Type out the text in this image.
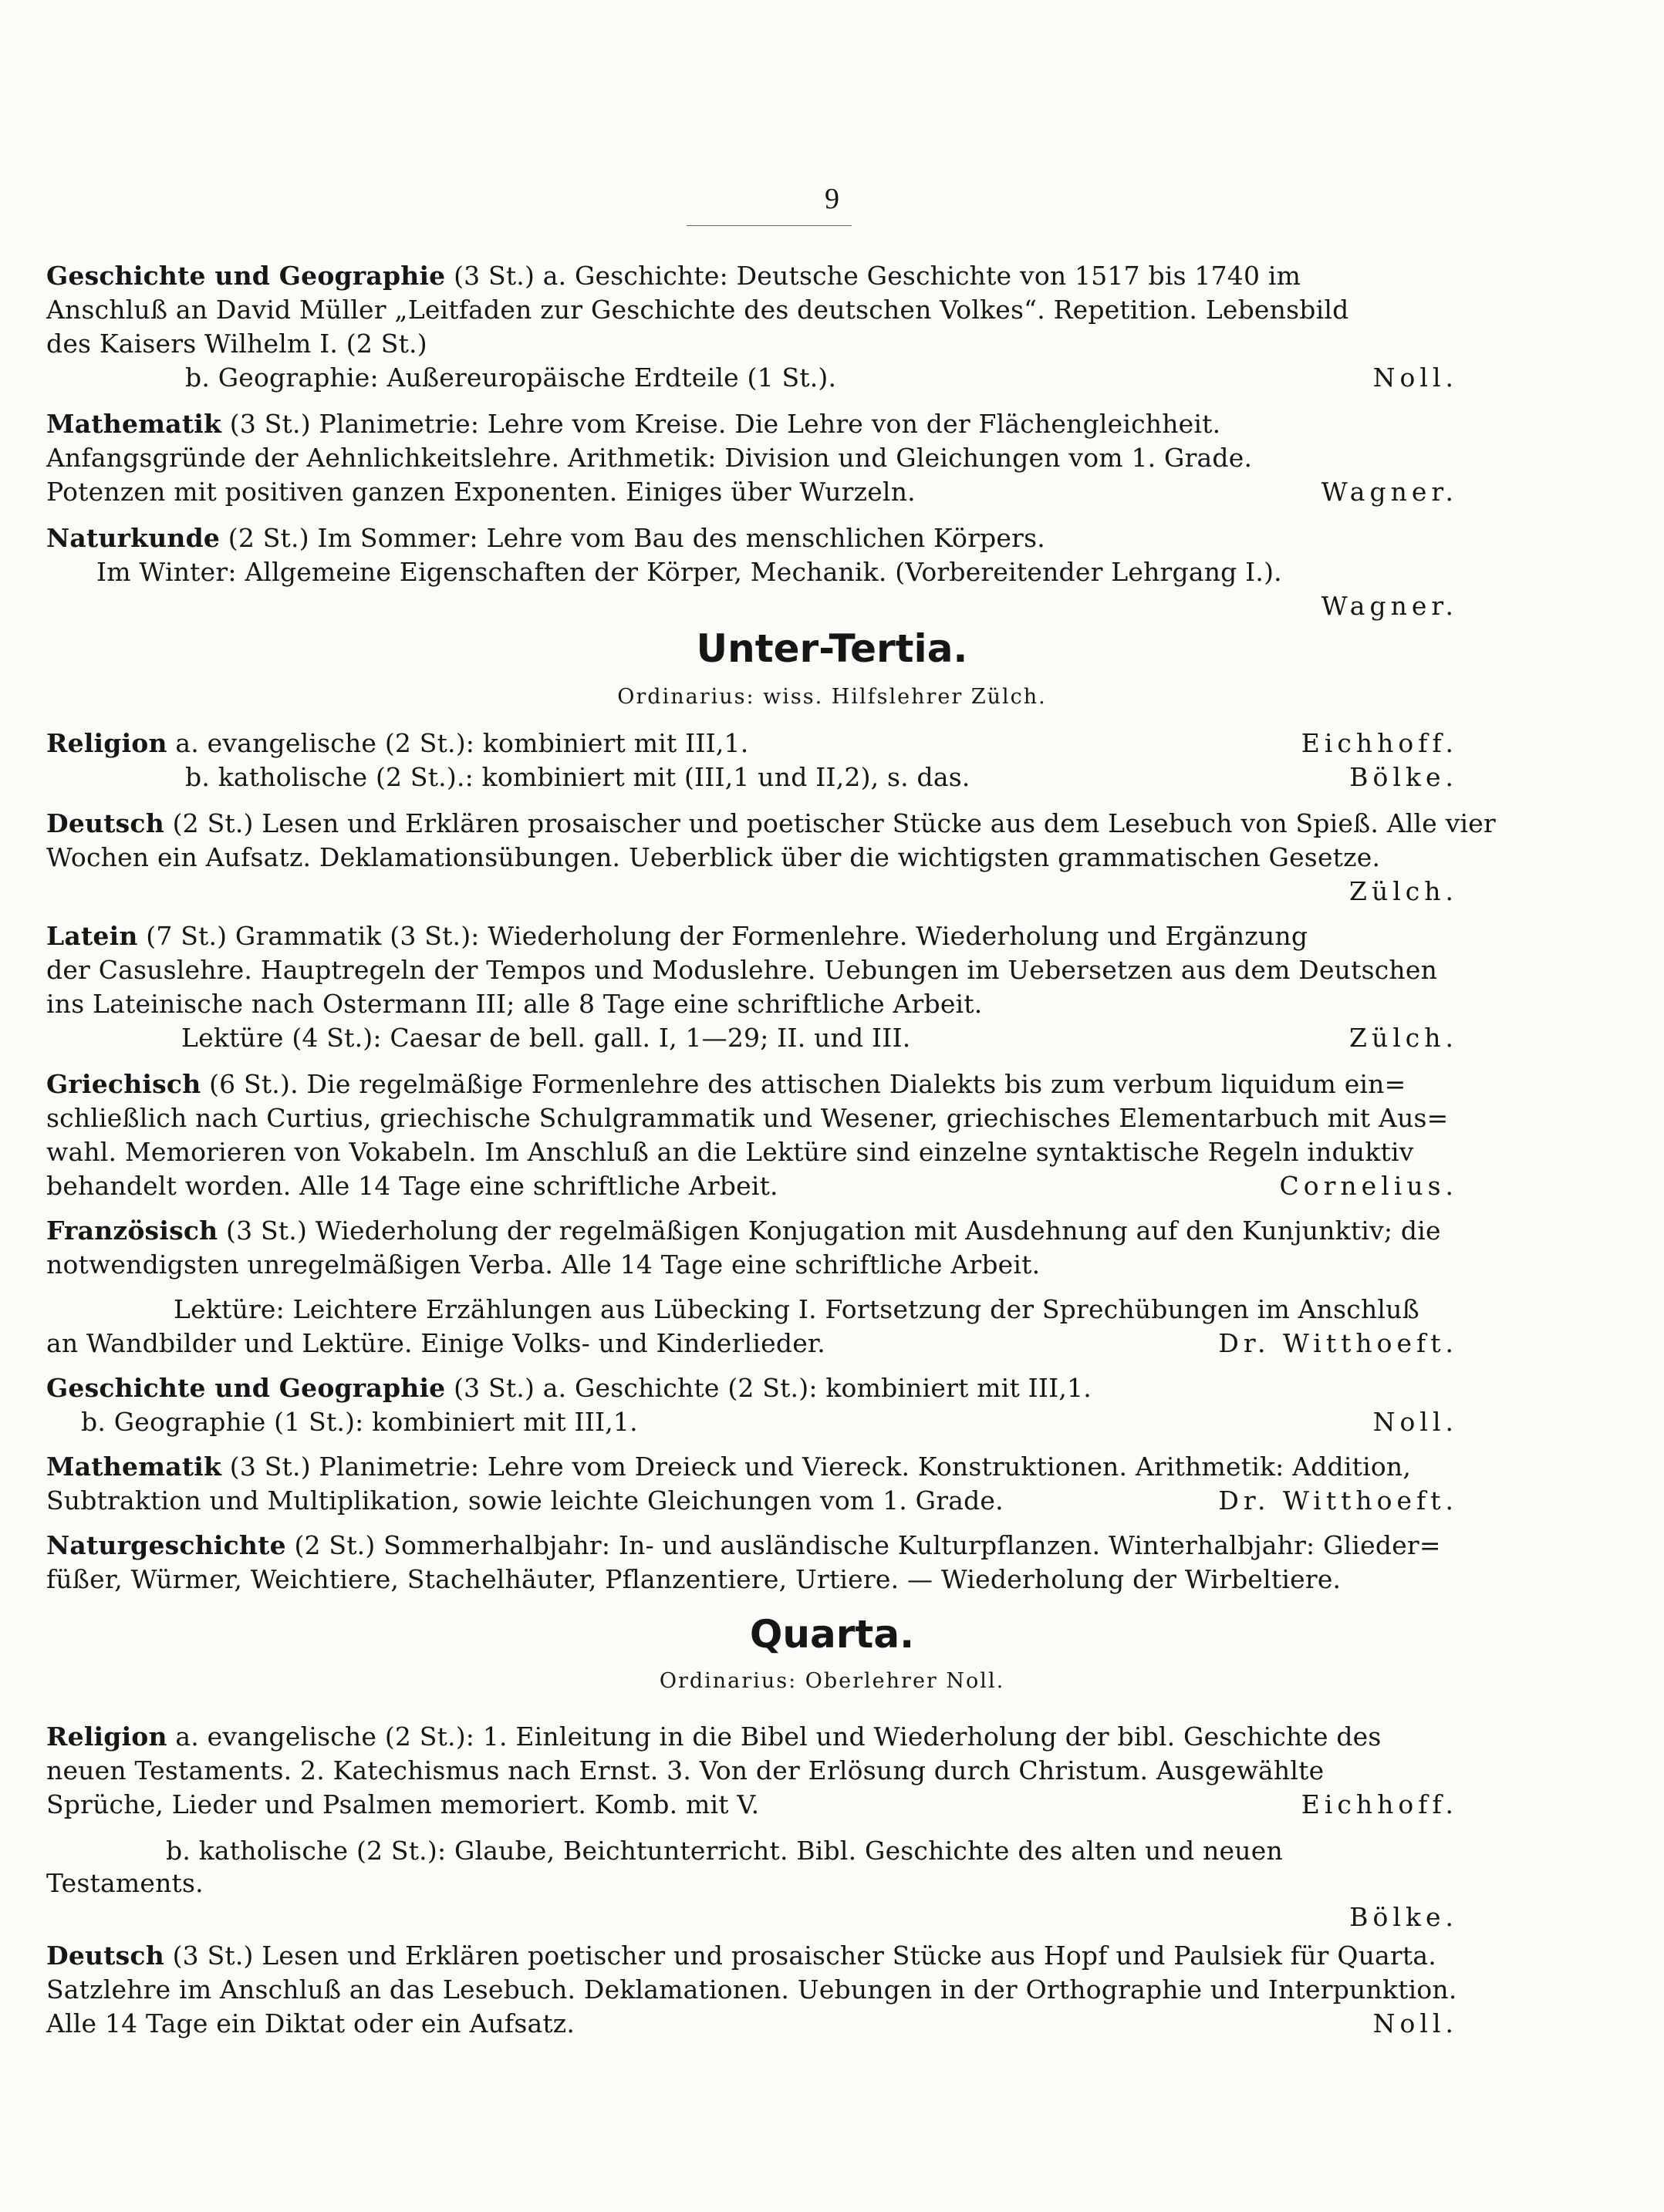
9
Geschichte und Geographie (3 St.) a. Geschichte: Deutsche Geschichte von 1517 bis 1740 im
Anschluß an David Müller „Leitfaden zur Geschichte des deutschen Volkes“. Repetition. Lebensbild
des Kaisers Wilhelm I. (2 St.)
b. Geographie: Außereuropäische Erdteile (1 St.).	Noll.
Mathematik (3 St.) Planimetrie: Lehre vom Kreise. Die Lehre von der Flächengleichheit.
Anfangsgründe der Aehnlichkeitslehre. Arithmetik: Division und Gleichungen vom 1. Grade.
Potenzen mit positiven ganzen Exponenten. Einiges über Wurzeln.	Wagner.
Naturkunde (2 St.) Im Sommer: Lehre vom Bau des menschlichen Körpers.
Im Winter: Allgemeine Eigenschaften der Körper, Mechanik. (Vorbereitender Lehrgang I.).
Wagner.
Religion a. evangelische (2 St.): kombiniert mit III,1.	Eichhoff.
b. katholische (2 St.).: kombiniert mit (III,1 und II,2), s. das.	Bölke.
Deutsch (2 St.) Lesen und Erklären prosaischer und poetischer Stücke aus dem Lesebuch von Spieß. Alle vier
Wochen ein Aufsatz. Deklamationsübungen. Ueberblick über die wichtigsten grammatischen Gesetze.
Zülch.
Latein (7 St.) Grammatik (3 St.): Wiederholung der Formenlehre. Wiederholung und Ergänzung
der Casuslehre. Hauptregeln der Tempos und Moduslehre. Uebungen im Uebersetzen aus dem Deutschen
ins Lateinische nach Ostermann III; alle 8 Tage eine schriftliche Arbeit.
Lektüre (4 St.): Caesar de bell. gall. I, 1—29; II. und III.	Zülch.
Griechisch (6 St.). Die regelmäßige Formenlehre des attischen Dialekts bis zum verbum liquidum ein=
schließlich nach Curtius, griechische Schulgrammatik und Wesener, griechisches Elementarbuch mit Aus=
wahl. Memorieren von Vokabeln. Im Anschluß an die Lektüre sind einzelne syntaktische Regeln induktiv
behandelt worden. Alle 14 Tage eine schriftliche Arbeit.	Cornelius.
Französisch (3 St.) Wiederholung der regelmäßigen Konjugation mit Ausdehnung auf den Kunjunktiv; die
notwendigsten unregelmäßigen Verba. Alle 14 Tage eine schriftliche Arbeit.
Lektüre: Leichtere Erzählungen aus Lübecking I. Fortsetzung der Sprechübungen im Anschluß
an Wandbilder und Lektüre. Einige Volks- und Kinderlieder.	Dr. Witthoeft.
Geschichte und Geographie (3 St.) a. Geschichte (2 St.): kombiniert mit III,1.
b. Geographie (1 St.): kombiniert mit III,1.	Noll.
Mathematik (3 St.) Planimetrie: Lehre vom Dreieck und Viereck. Konstruktionen. Arithmetik: Addition,
Subtraktion und Multiplikation, sowie leichte Gleichungen vom 1. Grade.	Dr. Witthoeft.
Naturgeschichte (2 St.) Sommerhalbjahr: In- und ausländische Kulturpflanzen. Winterhalbjahr: Glieder=
füßer, Würmer, Weichtiere, Stachelhäuter, Pflanzentiere, Urtiere. — Wiederholung der Wirbeltiere.
Religion a. evangelische (2 St.): 1. Einleitung in die Bibel und Wiederholung der bibl. Geschichte des
neuen Testaments. 2. Katechismus nach Ernst. 3. Von der Erlösung durch Christum. Ausgewählte
Sprüche, Lieder und Psalmen memoriert. Komb. mit V.	Eichhoff.
b. katholische (2 St.): Glaube, Beichtunterricht. Bibl. Geschichte des alten und neuen
Testaments.
Bölke.
Deutsch (3 St.) Lesen und Erklären poetischer und prosaischer Stücke aus Hopf und Paulsiek für Quarta.
Satzlehre im Anschluß an das Lesebuch. Deklamationen. Uebungen in der Orthographie und Interpunktion.
Alle 14 Tage ein Diktat oder ein Aufsatz.	Noll.
Unter-Tertia.
Ordinarius: wiss. Hilfslehrer Zülch.
Quarta.
Ordinarius: Oberlehrer Noll.
